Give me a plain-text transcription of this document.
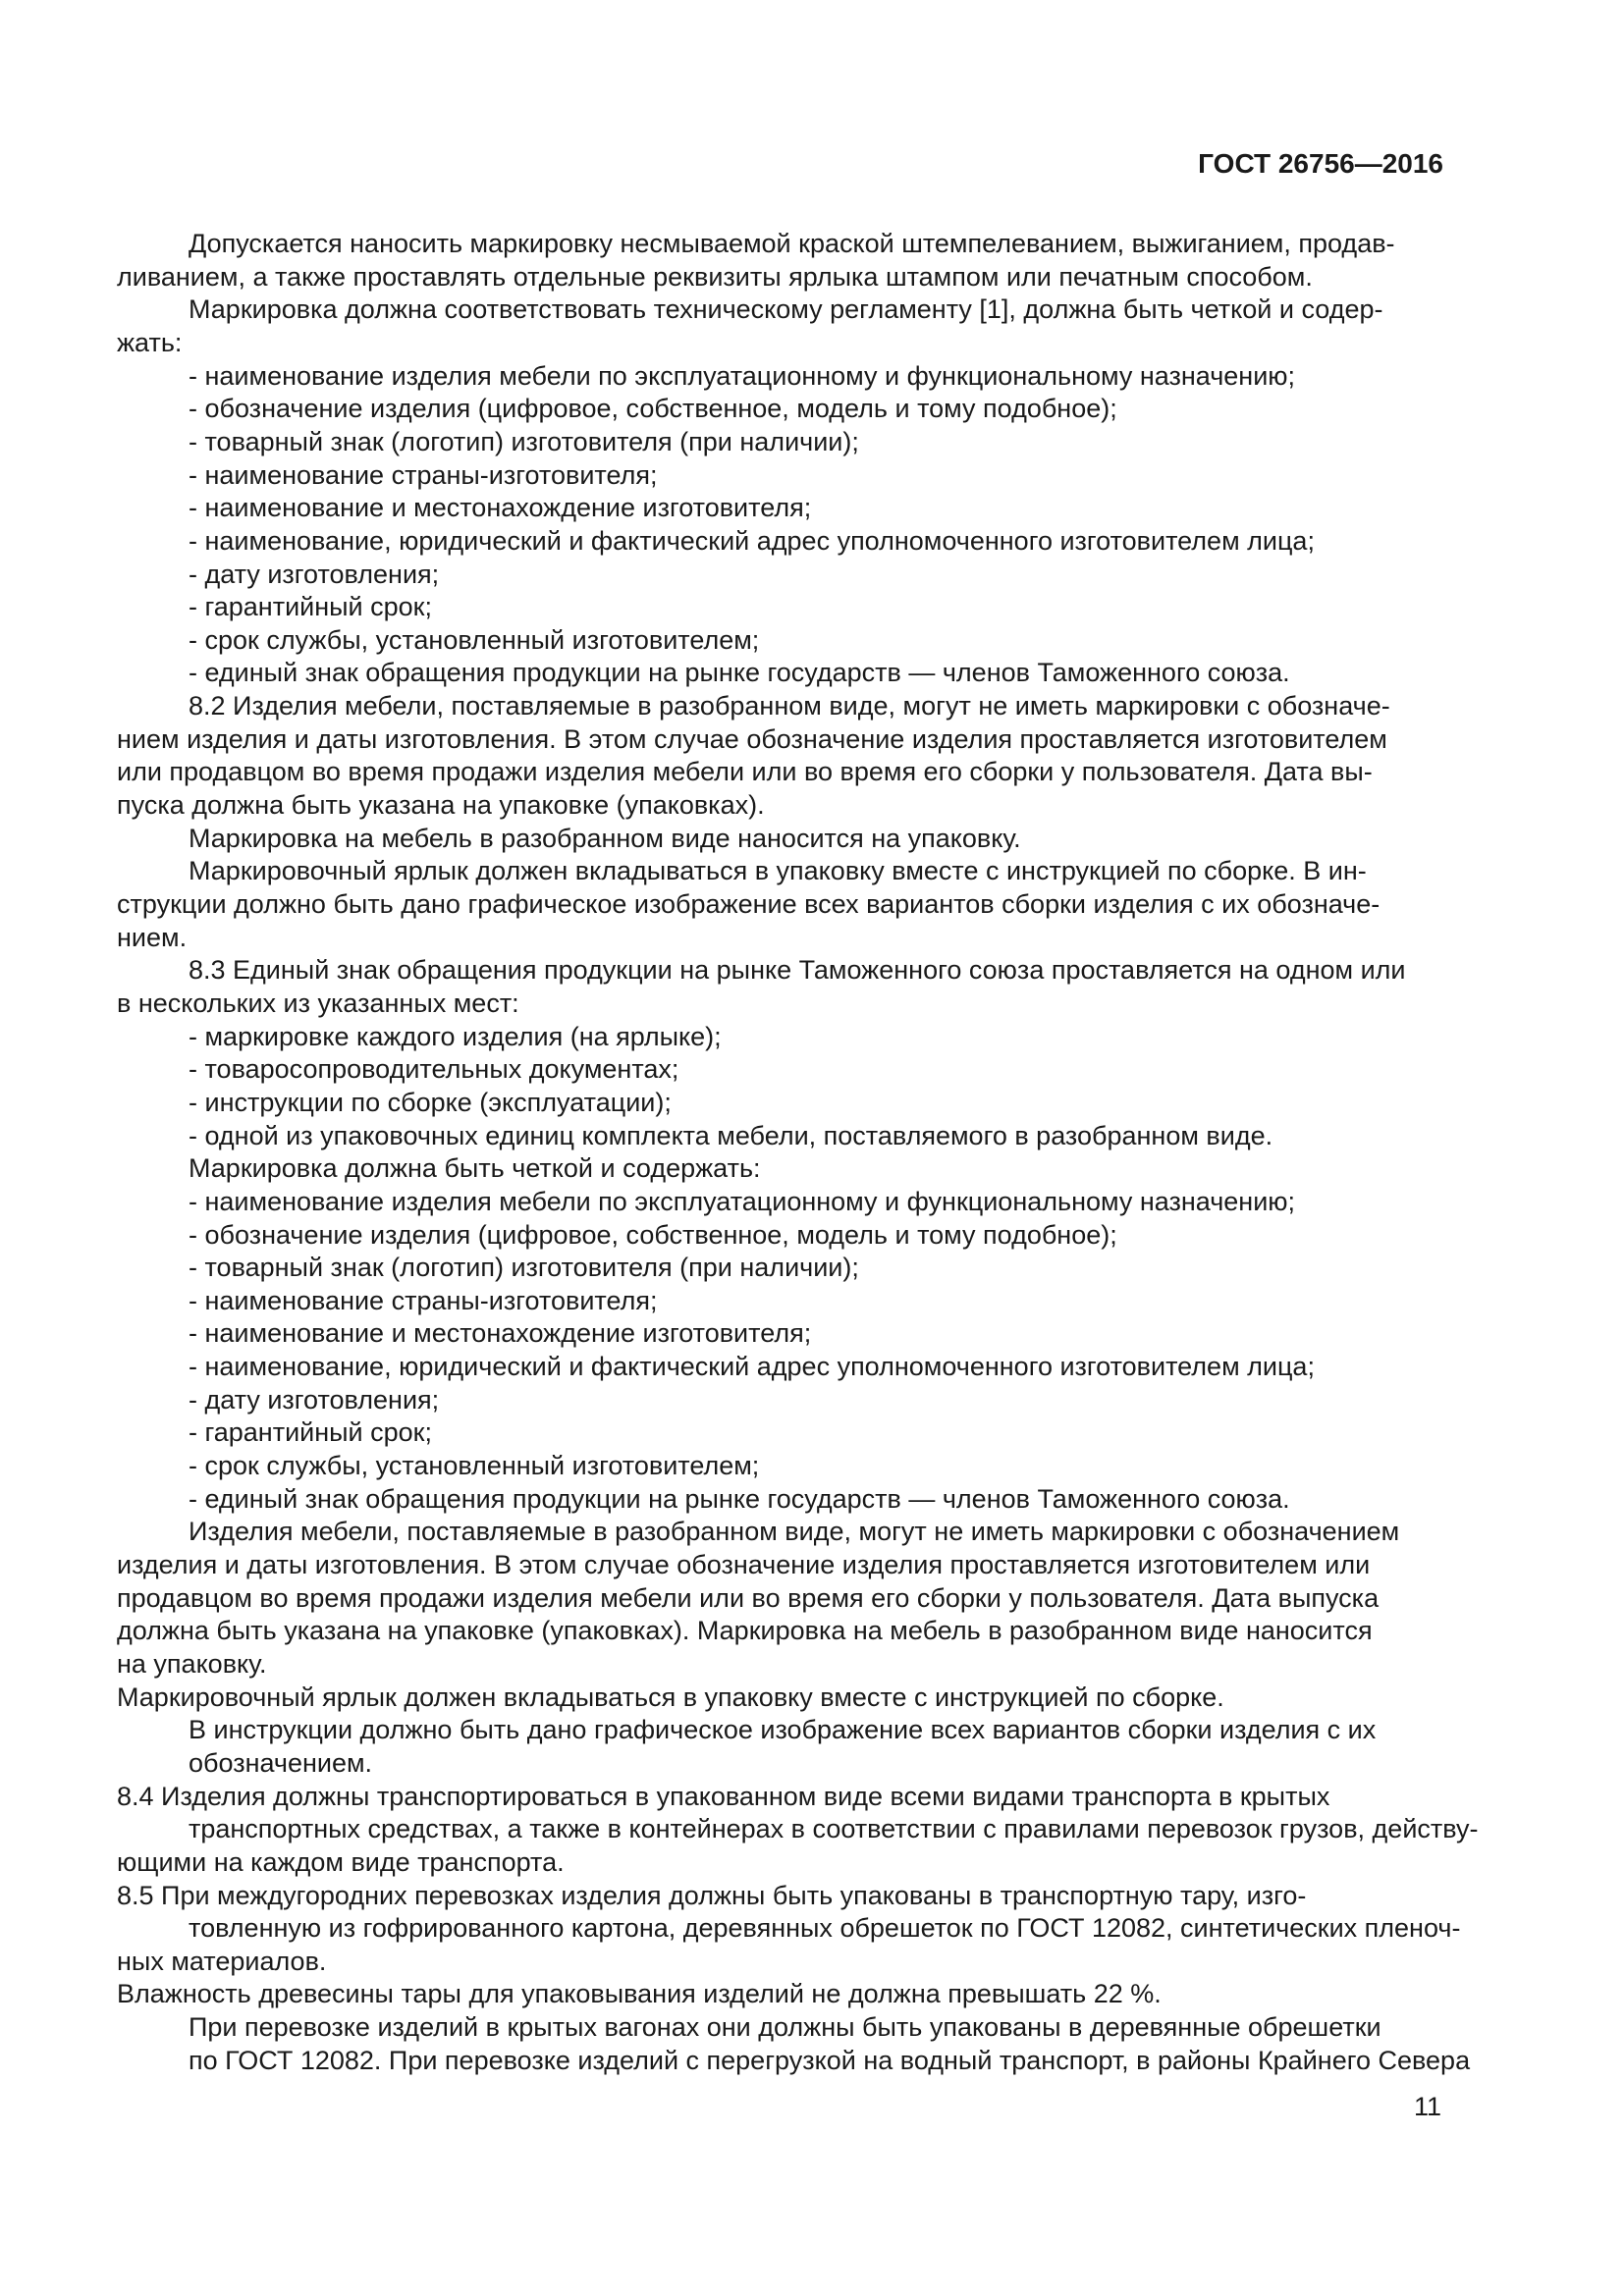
ГОСТ 26756—2016
Допускается наносить маркировку несмываемой краской штемпелеванием, выжиганием, продав-
ливанием, а также проставлять отдельные реквизиты ярлыка штампом или печатным способом.
Маркировка должна соответствовать техническому регламенту [1], должна быть четкой и содер-
жать:
- наименование изделия мебели по эксплуатационному и функциональному назначению;
- обозначение изделия (цифровое, собственное, модель и тому подобное);
- товарный знак (логотип) изготовителя (при наличии);
- наименование страны-изготовителя;
- наименование и местонахождение изготовителя;
- наименование, юридический и фактический адрес уполномоченного изготовителем лица;
- дату изготовления;
- гарантийный срок;
- срок службы, установленный изготовителем;
- единый знак обращения продукции на рынке государств — членов Таможенного союза.
8.2 Изделия мебели, поставляемые в разобранном виде, могут не иметь маркировки с обозначе-
нием изделия и даты изготовления. В этом случае обозначение изделия проставляется изготовителем
или продавцом во время продажи изделия мебели или во время его сборки у пользователя. Дата вы-
пуска должна быть указана на упаковке (упаковках).
Маркировка на мебель в разобранном виде наносится на упаковку.
Маркировочный ярлык должен вкладываться в упаковку вместе с инструкцией по сборке. В ин-
струкции должно быть дано графическое изображение всех вариантов сборки изделия с их обозначе-
нием.
8.3 Единый знак обращения продукции на рынке Таможенного союза проставляется на одном или
в нескольких из указанных мест:
- маркировке каждого изделия (на ярлыке);
- товаросопроводительных документах;
- инструкции по сборке (эксплуатации);
- одной из упаковочных единиц комплекта мебели, поставляемого в разобранном виде.
Маркировка должна быть четкой и содержать:
- наименование изделия мебели по эксплуатационному и функциональному назначению;
- обозначение изделия (цифровое, собственное, модель и тому подобное);
- товарный знак (логотип) изготовителя (при наличии);
- наименование страны-изготовителя;
- наименование и местонахождение изготовителя;
- наименование, юридический и фактический адрес уполномоченного изготовителем лица;
- дату изготовления;
- гарантийный срок;
- срок службы, установленный изготовителем;
- единый знак обращения продукции на рынке государств — членов Таможенного союза.
Изделия мебели, поставляемые в разобранном виде, могут не иметь маркировки с обозначением
изделия и даты изготовления. В этом случае обозначение изделия проставляется изготовителем или
продавцом во время продажи изделия мебели или во время его сборки у пользователя. Дата выпуска
должна быть указана на упаковке (упаковках). Маркировка на мебель в разобранном виде наносится
на упаковку.
Маркировочный ярлык должен вкладываться в упаковку вместе с инструкцией по сборке.
В инструкции должно быть дано графическое изображение всех вариантов сборки изделия с их
обозначением.
8.4 Изделия должны транспортироваться в упакованном виде всеми видами транспорта в крытых
транспортных средствах, а также в контейнерах в соответствии с правилами перевозок грузов, действу-
ющими на каждом виде транспорта.
8.5 При междугородних перевозках изделия должны быть упакованы в транспортную тару, изго-
товленную из гофрированного картона, деревянных обрешеток по ГОСТ 12082, синтетических пленоч-
ных материалов.
Влажность древесины тары для упаковывания изделий не должна превышать 22 %.
При перевозке изделий в крытых вагонах они должны быть упакованы в деревянные обрешетки
по ГОСТ 12082. При перевозке изделий с перегрузкой на водный транспорт, в районы Крайнего Севера
11
